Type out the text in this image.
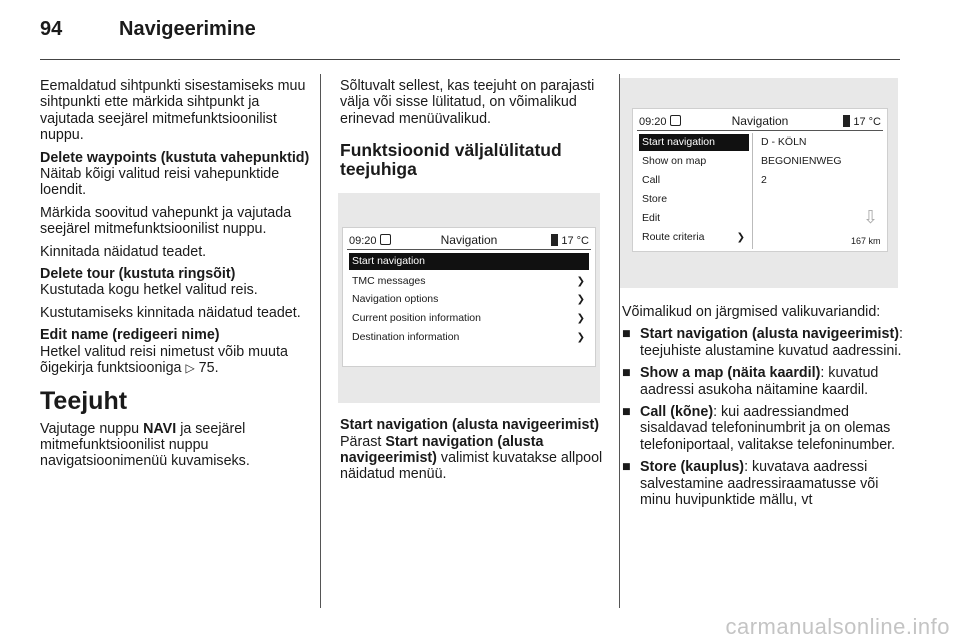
94	Navigeerimine

Eemaldatud sihtpunkti sisestamiseks muu sihtpunkti ette märkida sihtpunkt ja vajutada seejärel mitmefunktsioonilist nuppu.

Delete waypoints (kustuta vahepunktid)

Näitab kõigi valitud reisi vahepunktide loendit.

Märkida soovitud vahepunkt ja vajutada seejärel mitmefunktsioonilist nuppu.

Kinnitada näidatud teadet.

Delete tour (kustuta ringsõit)

Kustutada kogu hetkel valitud reis.

Kustutamiseks kinnitada näidatud teadet.

Edit name (redigeeri nime)

Hetkel valitud reisi nimetust võib muuta õigekirja funktsiooniga ▷ 75.

Teejuht

Vajutage nuppu NAVI ja seejärel mitmefunktsioonilist nuppu navigatsioonimenüü kuvamiseks.

Sõltuvalt sellest, kas teejuht on parajasti välja või sisse lülitatud, on võimalikud erinevad menüüvalikud.

Funktsioonid väljalülitatud teejuhiga
09:20	Navigation	17 °C
Start navigation
TMC messages	❯
Navigation options	❯
Current position information	❯
Destination information	❯

Start navigation (alusta navigeerimist)

Pärast Start navigation (alusta navigeerimist) valimist kuvatakse allpool näidatud menüü.

09:20	Navigation	17 °C
Start navigation
Show on map
Call
Store
Edit
Route criteria	❯
D - KÖLN
BEGONIENWEG
2
⇩
167 km

Võimalikud on järgmised valikuvariandid:

■ Start navigation (alusta navigeerimist): teejuhiste alustamine kuvatud aadressini.
■ Show a map (näita kaardil): kuvatud aadressi asukoha näitamine kaardil.
■ Call (kõne): kui aadressiandmed sisaldavad telefoninumbrit ja on olemas telefoniportaal, valitakse telefoninumber.
■ Store (kauplus): kuvatava aadressi salvestamine aadressiraamatusse või minu huvipunktide mällu, vt
carmanualsonline.info
